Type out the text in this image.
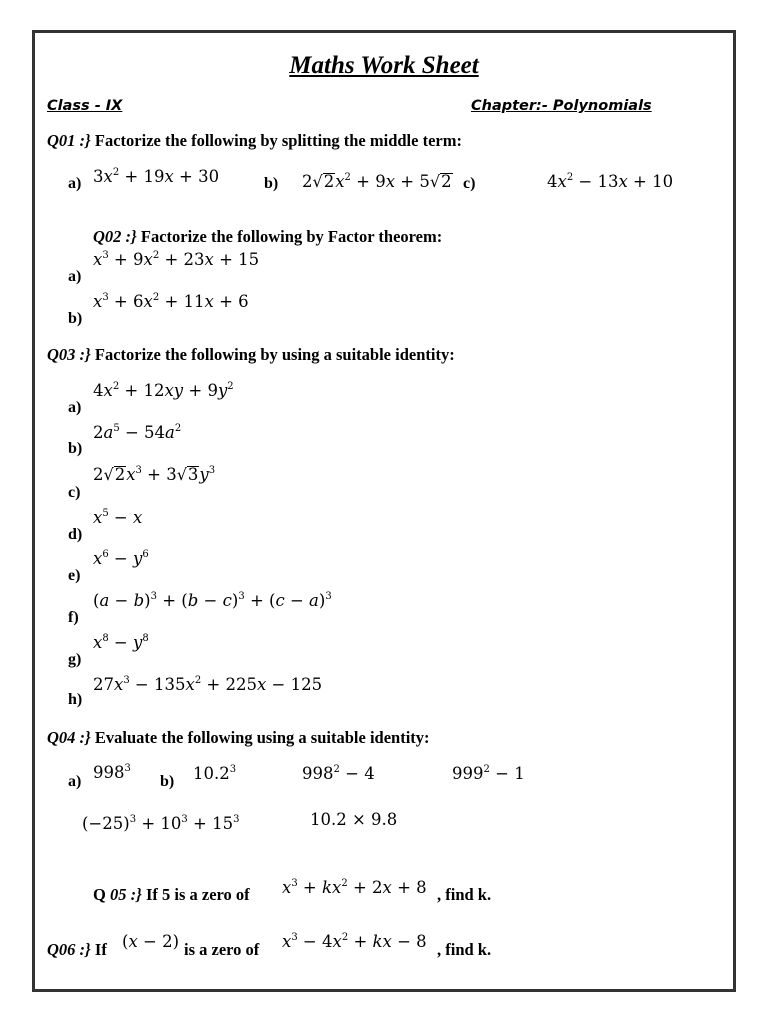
Maths Work Sheet
Class - IX	Chapter:- Polynomials
Q01 :} Factorize the following by splitting the middle term:
a) $3x^2 + 19x + 30$	b) $2√2x^2 + 9x + 5√2$ c)	$4x^2 - 13x + 10$
Q02 :} Factorize the following by Factor theorem:
$x^3 + 9x^2 + 23x + 15$
a)
$x^3 + 6x^2 + 11x + 6$
b)
Q03 :} Factorize the following by using a suitable identity:
$4x^2 + 12xy + 9y^2$
a)
$2a^5 - 54a^2$
b)
$2√2x^3 + 3√3y^3$
c)
$x^5 - x$
d)
$x^6 - y^6$
e)
$(a - b)^3 + (b - c)^3 + (c - a)^3$
f)
$x^8 - y^8$
g)
$27x^3 - 135x^2 + 225x - 125$
h)
Q04 :} Evaluate the following using a suitable identity:
a) $998^3$
b) 10.2$^3$	$998^2 - 4$	$999^2 - 1$
$(-25)^3 + 10^3 + 15^3$	10.2 × 9.8
Q 05 :} If 5 is a zero of $x^3 + kx^2 + 2x + 8$ , find k.
Q06 :} If (x − 2) is a zero of $x^3 - 4x^2$ + kx − 8 , find k.
